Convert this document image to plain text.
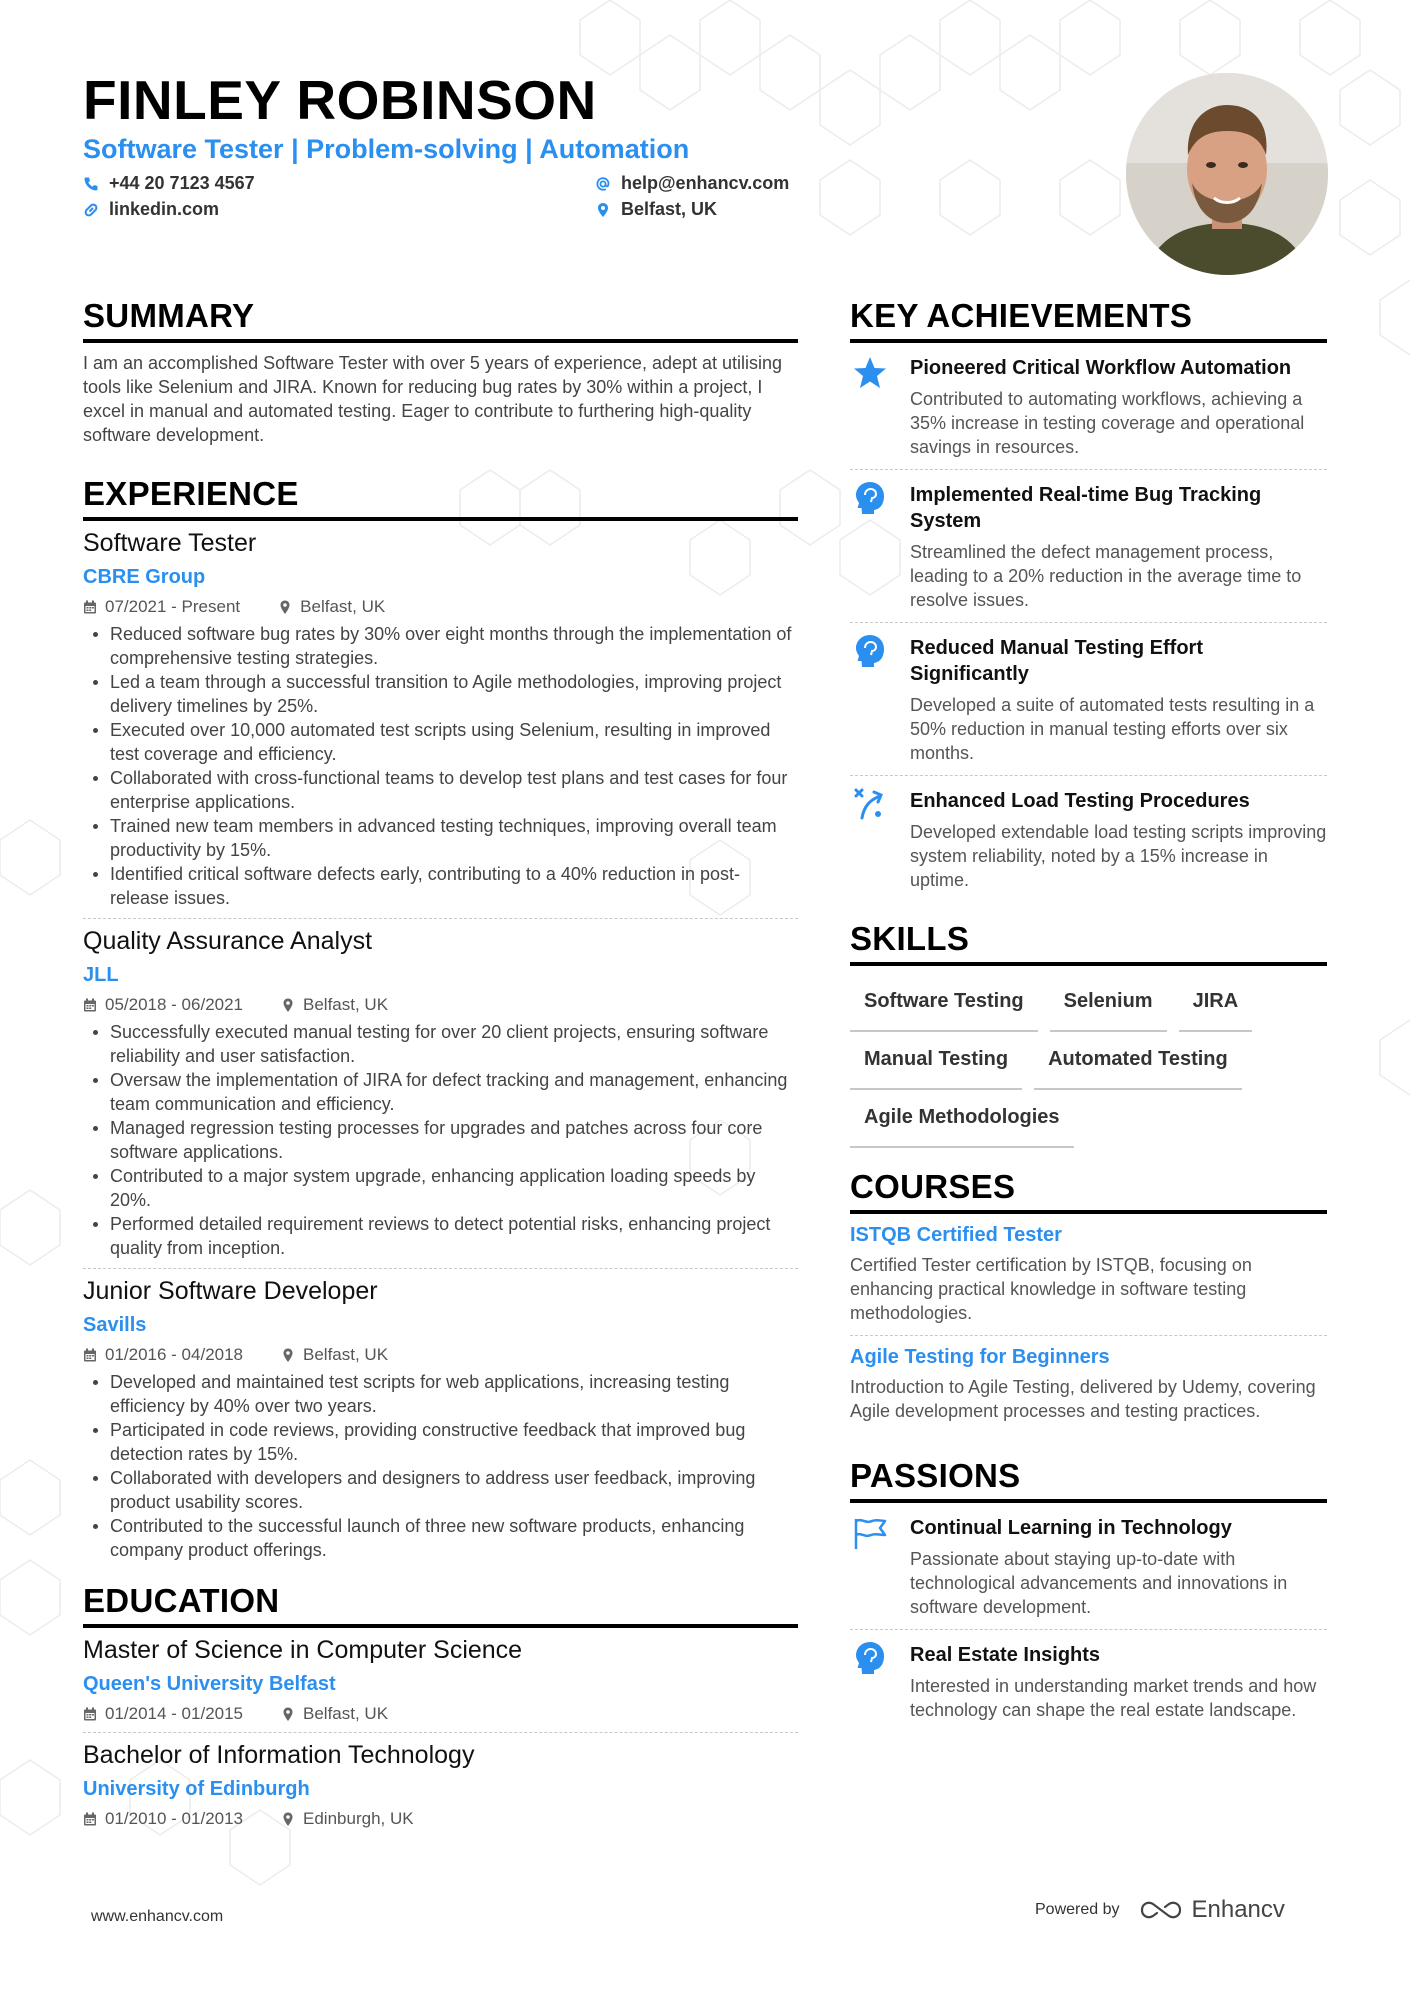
FINLEY ROBINSON
Software Tester | Problem-solving | Automation
+44 20 7123 4567
linkedin.com
help@enhancv.com
Belfast, UK
SUMMARY
I am an accomplished Software Tester with over 5 years of experience, adept at utilising tools like Selenium and JIRA. Known for reducing bug rates by 30% within a project, I excel in manual and automated testing. Eager to contribute to furthering high-quality software development.
EXPERIENCE
Software Tester
CBRE Group
07/2021 - Present	Belfast, UK
Reduced software bug rates by 30% over eight months through the implementation of comprehensive testing strategies.
Led a team through a successful transition to Agile methodologies, improving project delivery timelines by 25%.
Executed over 10,000 automated test scripts using Selenium, resulting in improved test coverage and efficiency.
Collaborated with cross-functional teams to develop test plans and test cases for four enterprise applications.
Trained new team members in advanced testing techniques, improving overall team productivity by 15%.
Identified critical software defects early, contributing to a 40% reduction in post-release issues.
Quality Assurance Analyst
JLL
05/2018 - 06/2021	Belfast, UK
Successfully executed manual testing for over 20 client projects, ensuring software reliability and user satisfaction.
Oversaw the implementation of JIRA for defect tracking and management, enhancing team communication and efficiency.
Managed regression testing processes for upgrades and patches across four core software applications.
Contributed to a major system upgrade, enhancing application loading speeds by 20%.
Performed detailed requirement reviews to detect potential risks, enhancing project quality from inception.
Junior Software Developer
Savills
01/2016 - 04/2018	Belfast, UK
Developed and maintained test scripts for web applications, increasing testing efficiency by 40% over two years.
Participated in code reviews, providing constructive feedback that improved bug detection rates by 15%.
Collaborated with developers and designers to address user feedback, improving product usability scores.
Contributed to the successful launch of three new software products, enhancing company product offerings.
EDUCATION
Master of Science in Computer Science
Queen's University Belfast
01/2014 - 01/2015	Belfast, UK
Bachelor of Information Technology
University of Edinburgh
01/2010 - 01/2013	Edinburgh, UK
KEY ACHIEVEMENTS
Pioneered Critical Workflow Automation
Contributed to automating workflows, achieving a 35% increase in testing coverage and operational savings in resources.
Implemented Real-time Bug Tracking System
Streamlined the defect management process, leading to a 20% reduction in the average time to resolve issues.
Reduced Manual Testing Effort Significantly
Developed a suite of automated tests resulting in a 50% reduction in manual testing efforts over six months.
Enhanced Load Testing Procedures
Developed extendable load testing scripts improving system reliability, noted by a 15% increase in uptime.
SKILLS
Software Testing	Selenium	JIRA
Manual Testing	Automated Testing
Agile Methodologies
COURSES
ISTQB Certified Tester
Certified Tester certification by ISTQB, focusing on enhancing practical knowledge in software testing methodologies.
Agile Testing for Beginners
Introduction to Agile Testing, delivered by Udemy, covering Agile development processes and testing practices.
PASSIONS
Continual Learning in Technology
Passionate about staying up-to-date with technological advancements and innovations in software development.
Real Estate Insights
Interested in understanding market trends and how technology can shape the real estate landscape.
www.enhancv.com	Powered by	Enhancv
